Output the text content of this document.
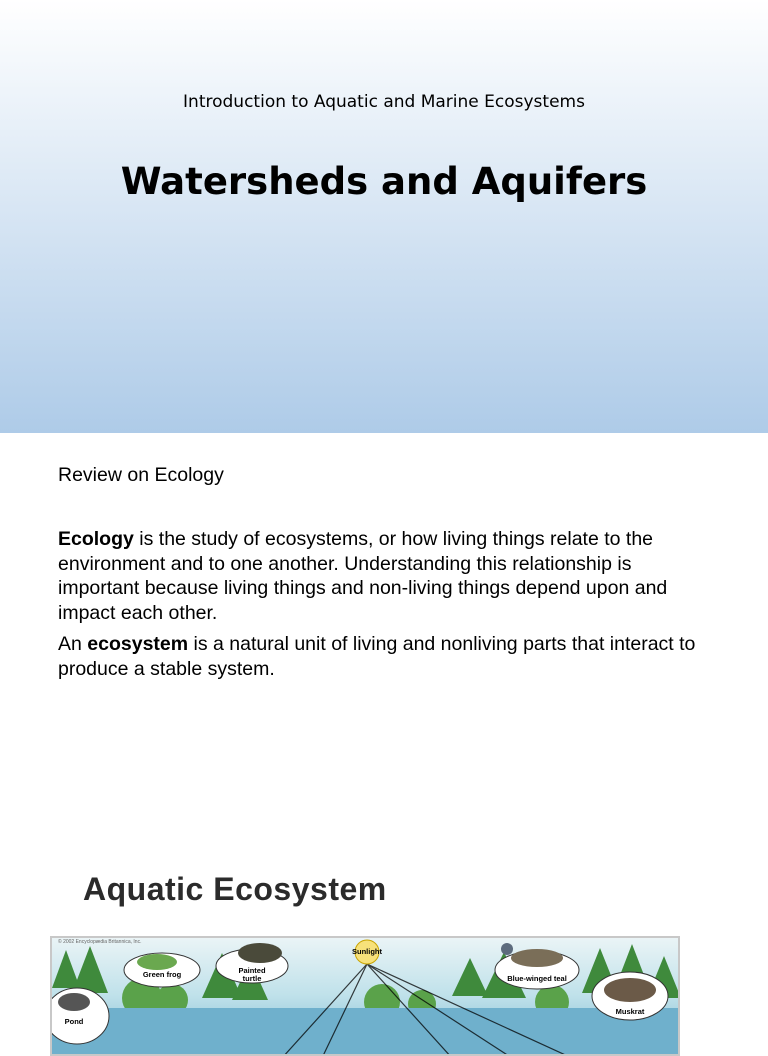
Introduction to Aquatic and Marine Ecosystems
Watersheds and Aquifers
Review on Ecology
Ecology is the study of ecosystems, or how living things relate to the environment and to one another. Understanding this relationship is important because living things and non-living things depend upon and impact each other.
An ecosystem is a natural unit of living and nonliving parts that interact to produce a stable system.
Aquatic Ecosystem
© 2002 Encyclopædia Britannica, Inc.
Green frog	Painted turtle
Sunlight
Blue-winged teal
Muskrat
Pond
